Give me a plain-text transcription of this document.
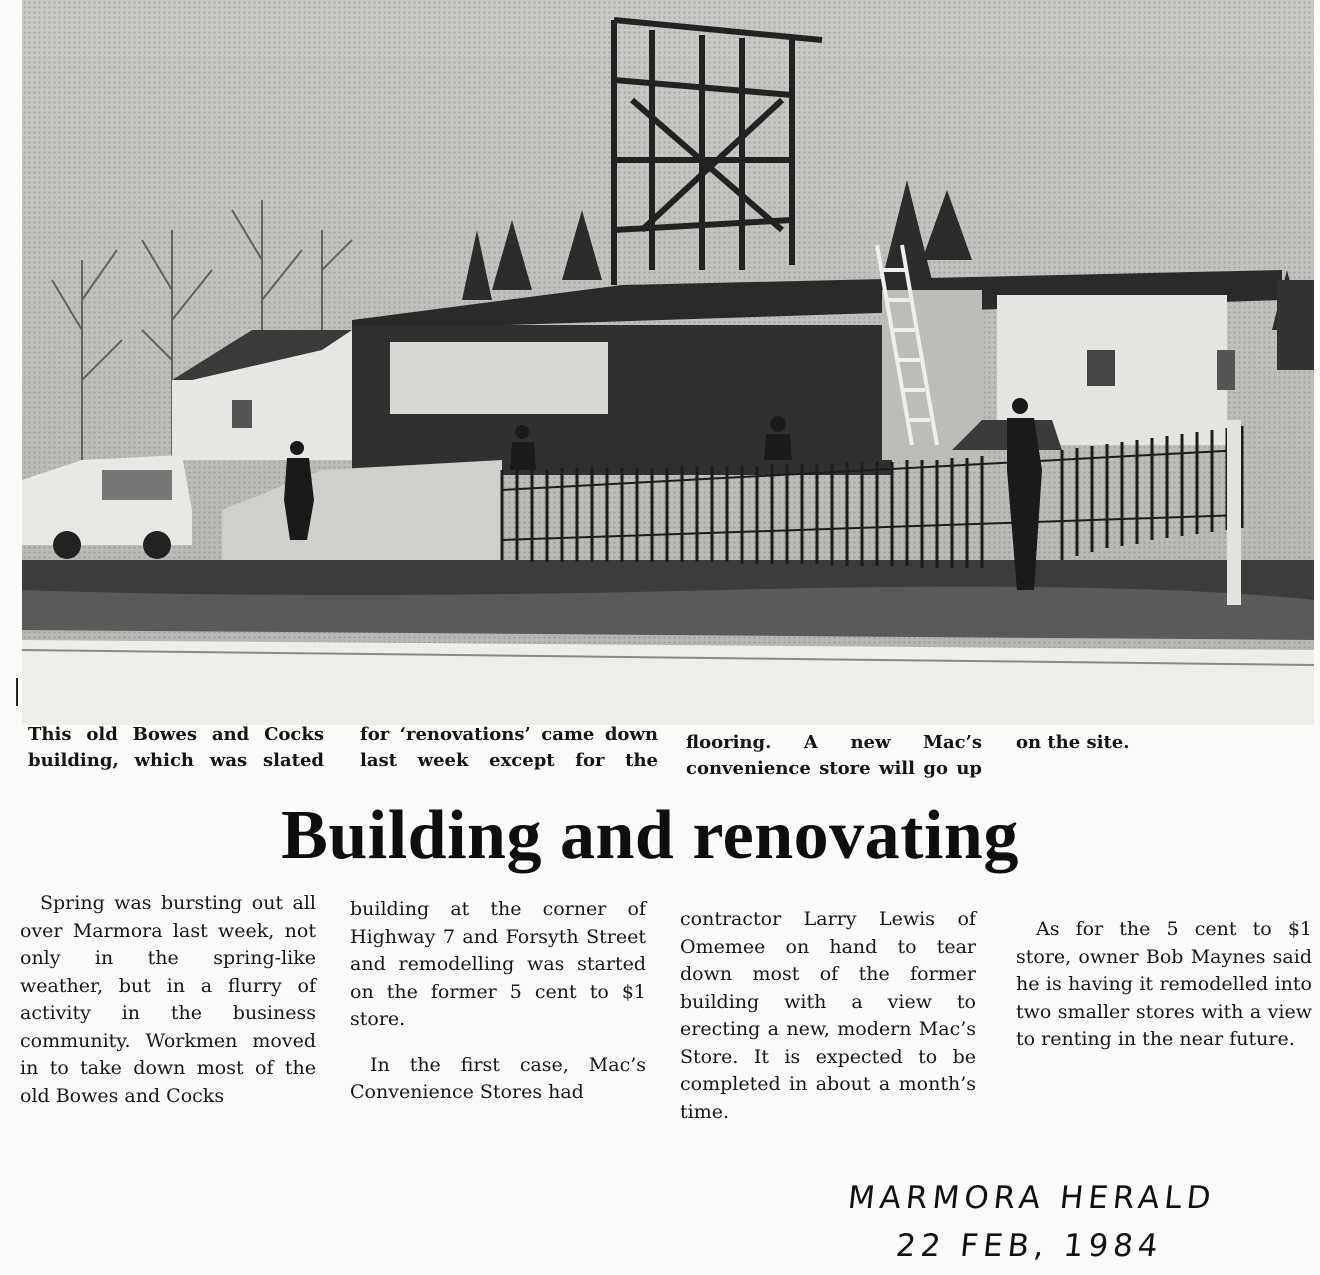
This old Bowes and Cocks building, which was slated
for ‘renovations’ came down last week except for the
flooring. A new Mac’s convenience store will go up
on the site.
Building and renovating

Spring was bursting out all over Marmora last week, not only in the spring-like weather, but in a flurry of activity in the business community. Workmen moved in to take down most of the old Bowes and Cocks

building at the corner of Highway 7 and Forsyth Street and remodelling was started on the former 5 cent to $1 store.

In the first case, Mac’s Convenience Stores had

contractor Larry Lewis of Omemee on hand to tear down most of the former building with a view to erecting a new, modern Mac’s Store. It is expected to be completed in about a month’s time.

As for the 5 cent to $1 store, owner Bob Maynes said he is having it remodelled into two smaller stores with a view to renting in the near future.

MARMORA HERALD
22 FEB, 1984
